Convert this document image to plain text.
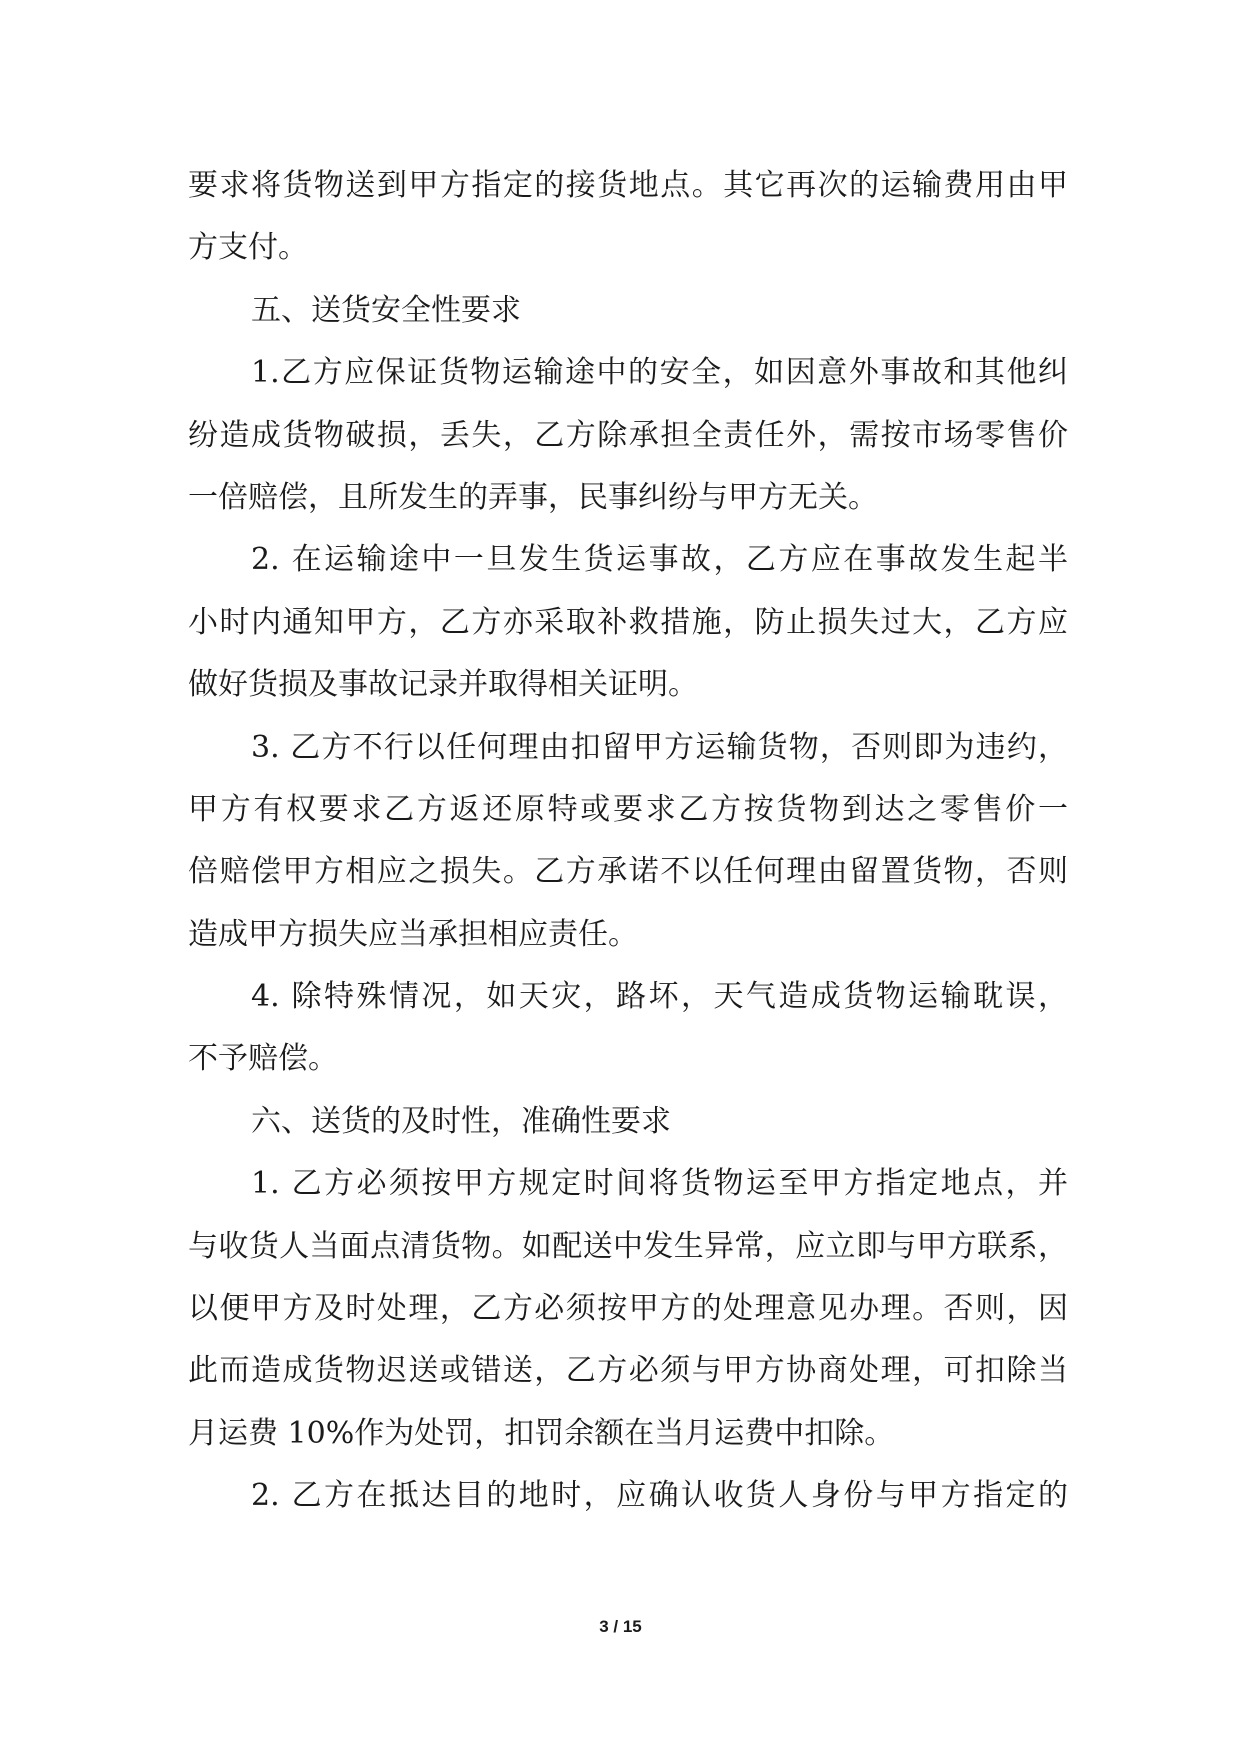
要求将货物送到甲方指定的接货地点。其它再次的运输费用由甲
方支付。
五、送货安全性要求
1.乙方应保证货物运输途中的安全，如因意外事故和其他纠
纷造成货物破损，丢失，乙方除承担全责任外，需按市场零售价
一倍赔偿，且所发生的弄事，民事纠纷与甲方无关。
2. 在运输途中一旦发生货运事故，乙方应在事故发生起半
小时内通知甲方，乙方亦采取补救措施，防止损失过大，乙方应
做好货损及事故记录并取得相关证明。
3. 乙方不行以任何理由扣留甲方运输货物，否则即为违约，
甲方有权要求乙方返还原特或要求乙方按货物到达之零售价一
倍赔偿甲方相应之损失。乙方承诺不以任何理由留置货物，否则
造成甲方损失应当承担相应责任。
4. 除特殊情况，如天灾，路坏，天气造成货物运输耽误，
不予赔偿。
六、送货的及时性，准确性要求
1. 乙方必须按甲方规定时间将货物运至甲方指定地点，并
与收货人当面点清货物。如配送中发生异常，应立即与甲方联系，
以便甲方及时处理，乙方必须按甲方的处理意见办理。否则，因
此而造成货物迟送或错送，乙方必须与甲方协商处理，可扣除当
月运费 10%作为处罚，扣罚余额在当月运费中扣除。
2. 乙方在抵达目的地时，应确认收货人身份与甲方指定的
3 / 15
